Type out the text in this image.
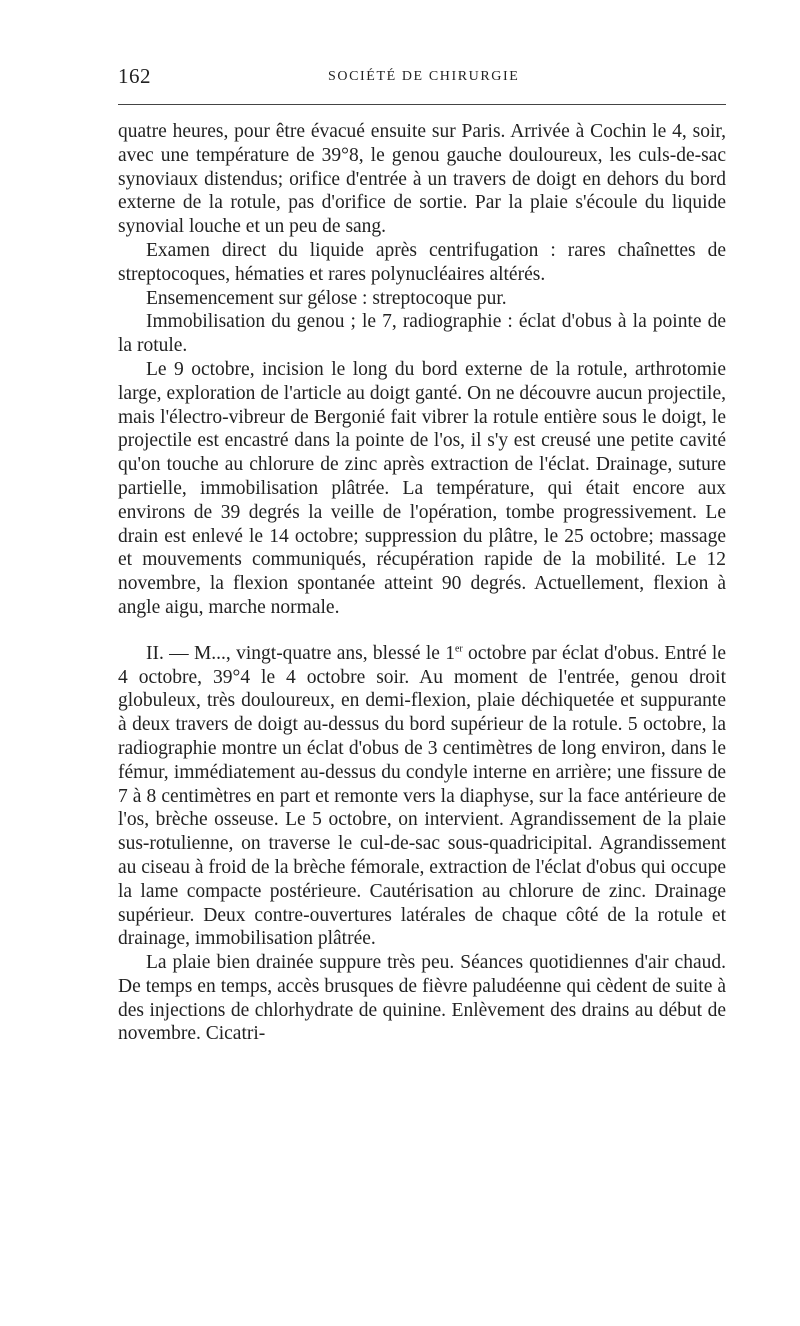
162	SOCIÉTÉ DE CHIRURGIE

quatre heures, pour être évacué ensuite sur Paris. Arrivée à Cochin le 4, soir, avec une température de 39°8, le genou gauche douloureux, les culs-de-sac synoviaux distendus; orifice d'entrée à un travers de doigt en dehors du bord externe de la rotule, pas d'orifice de sortie. Par la plaie s'écoule du liquide synovial louche et un peu de sang.

Examen direct du liquide après centrifugation : rares chaînettes de streptocoques, hématies et rares polynucléaires altérés.

Ensemencement sur gélose : streptocoque pur.

Immobilisation du genou ; le 7, radiographie : éclat d'obus à la pointe de la rotule.

Le 9 octobre, incision le long du bord externe de la rotule, arthrotomie large, exploration de l'article au doigt ganté. On ne découvre aucun projectile, mais l'électro-vibreur de Bergonié fait vibrer la rotule entière sous le doigt, le projectile est encastré dans la pointe de l'os, il s'y est creusé une petite cavité qu'on touche au chlorure de zinc après extraction de l'éclat. Drainage, suture partielle, immobilisation plâtrée. La température, qui était encore aux environs de 39 degrés la veille de l'opération, tombe progressivement. Le drain est enlevé le 14 octobre; suppression du plâtre, le 25 octobre; massage et mouvements communiqués, récupération rapide de la mobilité. Le 12 novembre, la flexion spontanée atteint 90 degrés. Actuellement, flexion à angle aigu, marche normale.

II. — M..., vingt-quatre ans, blessé le 1er octobre par éclat d'obus. Entré le 4 octobre, 39°4 le 4 octobre soir. Au moment de l'entrée, genou droit globuleux, très douloureux, en demi-flexion, plaie déchiquetée et suppurante à deux travers de doigt au-dessus du bord supérieur de la rotule. 5 octobre, la radiographie montre un éclat d'obus de 3 centimètres de long environ, dans le fémur, immédiatement au-dessus du condyle interne en arrière; une fissure de 7 à 8 centimètres en part et remonte vers la diaphyse, sur la face antérieure de l'os, brèche osseuse. Le 5 octobre, on intervient. Agrandissement de la plaie sus-rotulienne, on traverse le cul-de-sac sous-quadricipital. Agrandissement au ciseau à froid de la brèche fémorale, extraction de l'éclat d'obus qui occupe la lame compacte postérieure. Cautérisation au chlorure de zinc. Drainage supérieur. Deux contre-ouvertures latérales de chaque côté de la rotule et drainage, immobilisation plâtrée.

La plaie bien drainée suppure très peu. Séances quotidiennes d'air chaud. De temps en temps, accès brusques de fièvre paludéenne qui cèdent de suite à des injections de chlorhydrate de quinine. Enlèvement des drains au début de novembre. Cicatri-
